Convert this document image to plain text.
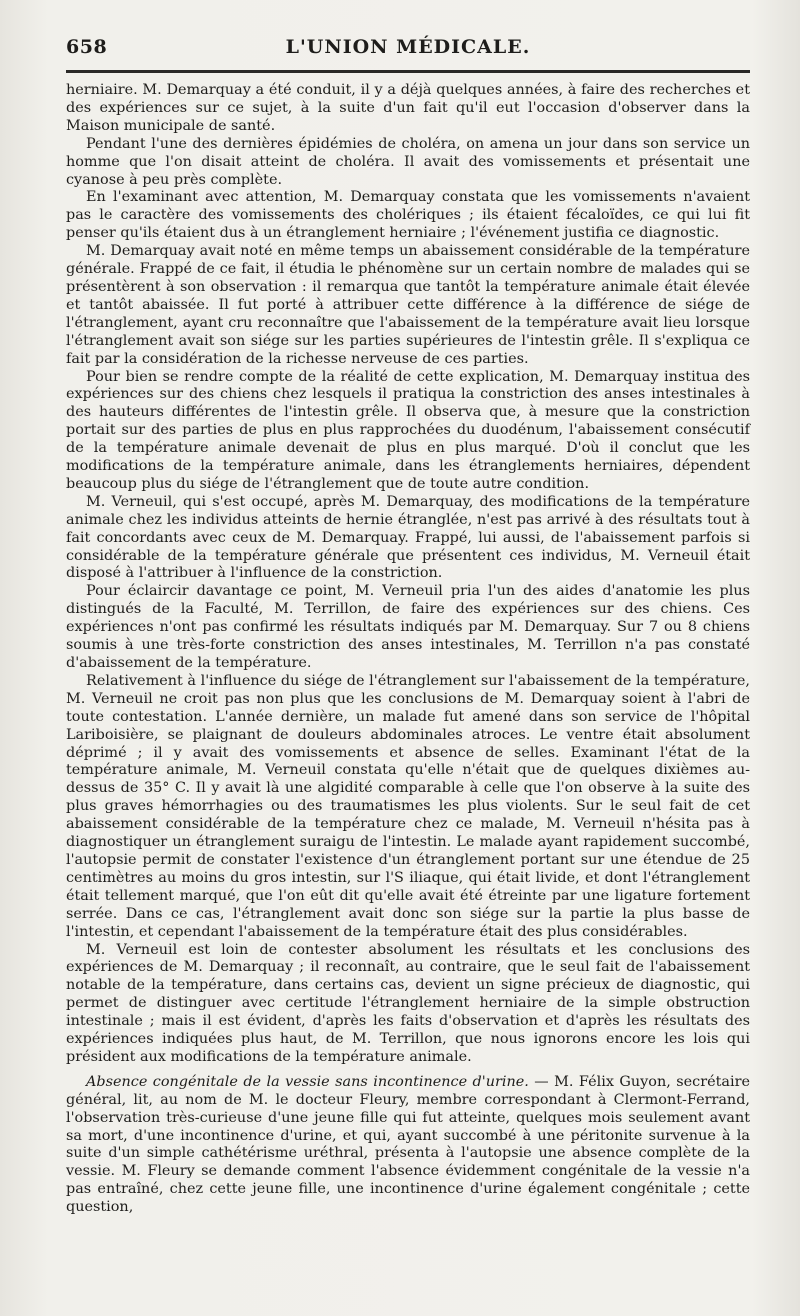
658	L'UNION MÉDICALE.

herniaire. M. Demarquay a été conduit, il y a déjà quelques années, à faire des recherches et des expériences sur ce sujet, à la suite d'un fait qu'il eut l'occasion d'observer dans la Maison municipale de santé.

Pendant l'une des dernières épidémies de choléra, on amena un jour dans son service un homme que l'on disait atteint de choléra. Il avait des vomissements et présentait une cyanose à peu près complète.

En l'examinant avec attention, M. Demarquay constata que les vomissements n'avaient pas le caractère des vomissements des cholériques ; ils étaient fécaloïdes, ce qui lui fit penser qu'ils étaient dus à un étranglement herniaire ; l'événement justifia ce diagnostic.

M. Demarquay avait noté en même temps un abaissement considérable de la température générale. Frappé de ce fait, il étudia le phénomène sur un certain nombre de malades qui se présentèrent à son observation : il remarqua que tantôt la température animale était élevée et tantôt abaissée. Il fut porté à attribuer cette différence à la différence de siége de l'étranglement, ayant cru reconnaître que l'abaissement de la température avait lieu lorsque l'étranglement avait son siége sur les parties supérieures de l'intestin grêle. Il s'expliqua ce fait par la considération de la richesse nerveuse de ces parties.

Pour bien se rendre compte de la réalité de cette explication, M. Demarquay institua des expériences sur des chiens chez lesquels il pratiqua la constriction des anses intestinales à des hauteurs différentes de l'intestin grêle. Il observa que, à mesure que la constriction portait sur des parties de plus en plus rapprochées du duodénum, l'abaissement consécutif de la température animale devenait de plus en plus marqué. D'où il conclut que les modifications de la température animale, dans les étranglements herniaires, dépendent beaucoup plus du siége de l'étranglement que de toute autre condition.

M. Verneuil, qui s'est occupé, après M. Demarquay, des modifications de la température animale chez les individus atteints de hernie étranglée, n'est pas arrivé à des résultats tout à fait concordants avec ceux de M. Demarquay. Frappé, lui aussi, de l'abaissement parfois si considérable de la température générale que présentent ces individus, M. Verneuil était disposé à l'attribuer à l'influence de la constriction.

Pour éclaircir davantage ce point, M. Verneuil pria l'un des aides d'anatomie les plus distingués de la Faculté, M. Terrillon, de faire des expériences sur des chiens. Ces expériences n'ont pas confirmé les résultats indiqués par M. Demarquay. Sur 7 ou 8 chiens soumis à une très-forte constriction des anses intestinales, M. Terrillon n'a pas constaté d'abaissement de la température.

Relativement à l'influence du siége de l'étranglement sur l'abaissement de la température, M. Verneuil ne croit pas non plus que les conclusions de M. Demarquay soient à l'abri de toute contestation. L'année dernière, un malade fut amené dans son service de l'hôpital Lariboisière, se plaignant de douleurs abdominales atroces. Le ventre était absolument déprimé ; il y avait des vomissements et absence de selles. Examinant l'état de la température animale, M. Verneuil constata qu'elle n'était que de quelques dixièmes au-dessus de 35° C. Il y avait là une algidité comparable à celle que l'on observe à la suite des plus graves hémorrhagies ou des traumatismes les plus violents. Sur le seul fait de cet abaissement considérable de la température chez ce malade, M. Verneuil n'hésita pas à diagnostiquer un étranglement suraigu de l'intestin. Le malade ayant rapidement succombé, l'autopsie permit de constater l'existence d'un étranglement portant sur une étendue de 25 centimètres au moins du gros intestin, sur l'S iliaque, qui était livide, et dont l'étranglement était tellement marqué, que l'on eût dit qu'elle avait été étreinte par une ligature fortement serrée. Dans ce cas, l'étranglement avait donc son siége sur la partie la plus basse de l'intestin, et cependant l'abaissement de la température était des plus considérables.

M. Verneuil est loin de contester absolument les résultats et les conclusions des expériences de M. Demarquay ; il reconnaît, au contraire, que le seul fait de l'abaissement notable de la température, dans certains cas, devient un signe précieux de diagnostic, qui permet de distinguer avec certitude l'étranglement herniaire de la simple obstruction intestinale ; mais il est évident, d'après les faits d'observation et d'après les résultats des expériences indiquées plus haut, de M. Terrillon, que nous ignorons encore les lois qui président aux modifications de la température animale.

Absence congénitale de la vessie sans incontinence d'urine. — M. Félix Guyon, secrétaire général, lit, au nom de M. le docteur Fleury, membre correspondant à Clermont-Ferrand, l'observation très-curieuse d'une jeune fille qui fut atteinte, quelques mois seulement avant sa mort, d'une incontinence d'urine, et qui, ayant succombé à une péritonite survenue à la suite d'un simple cathétérisme uréthral, présenta à l'autopsie une absence complète de la vessie. M. Fleury se demande comment l'absence évidemment congénitale de la vessie n'a pas entraîné, chez cette jeune fille, une incontinence d'urine également congénitale ; cette question,
